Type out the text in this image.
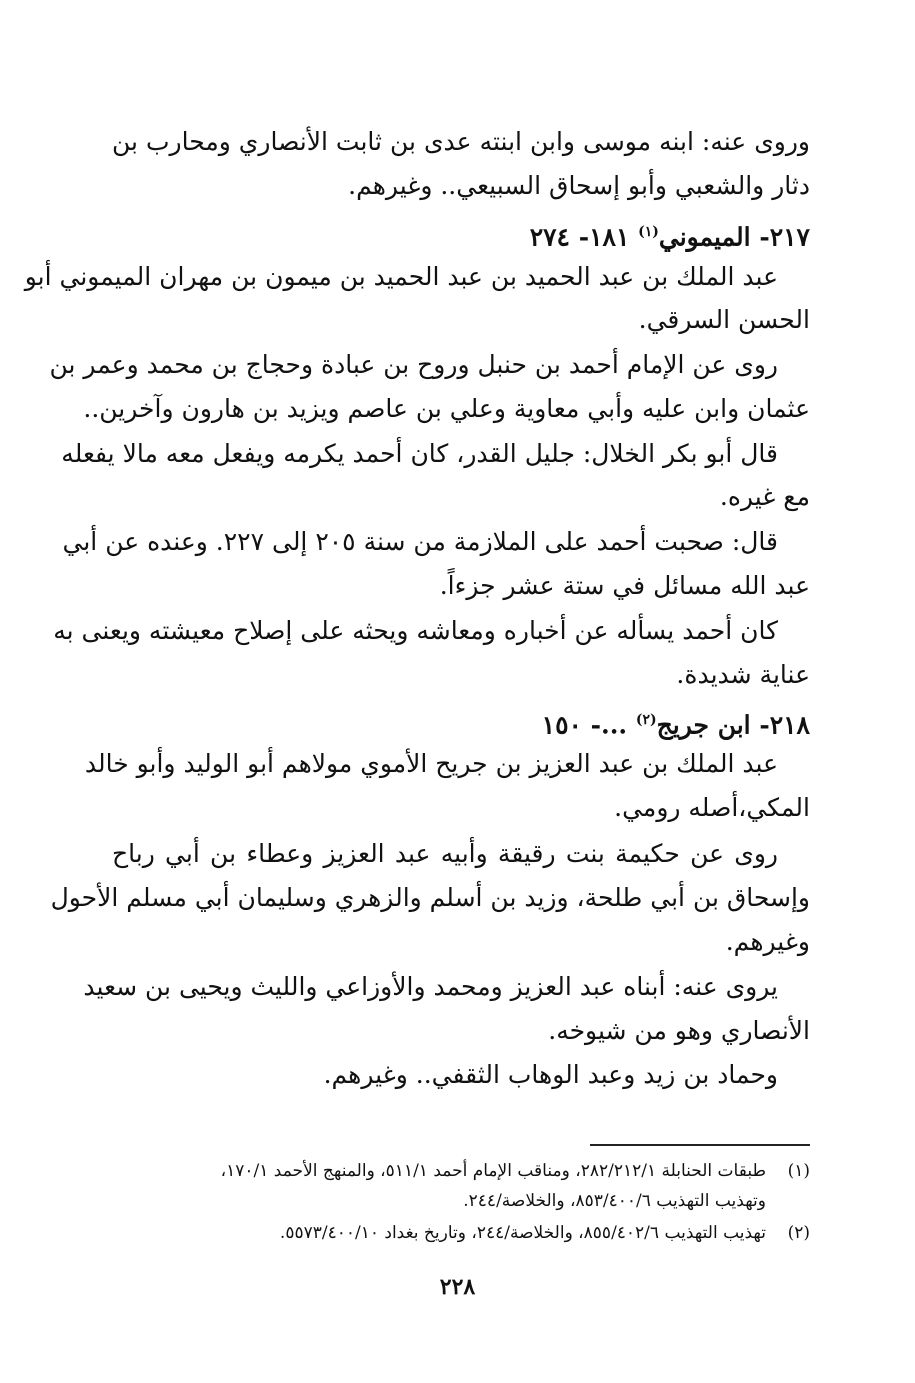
وروى عنه: ابنه موسى وابن ابنته عدى بن ثابت الأنصاري ومحارب بن
دثار والشعبي وأبو إسحاق السبيعي.. وغيرهم.
٢١٧- الميموني$^{(١)}$ ١٨١- ٢٧٤
عبد الملك بن عبد الحميد بن عبد الحميد بن ميمون بن مهران الميموني أبو
الحسن السرقي.
روى عن الإمام أحمد بن حنبل وروح بن عبادة وحجاج بن محمد وعمر بن
عثمان وابن عليه وأبي معاوية وعلي بن عاصم ويزيد بن هارون وآخرين..
قال أبو بكر الخلال: جليل القدر، كان أحمد يكرمه ويفعل معه مالا يفعله
مع غيره.
قال: صحبت أحمد على الملازمة من سنة ٢٠٥ إلى ٢٢٧. وعنده عن أبي
عبد الله مسائل في ستة عشر جزءاً.
كان أحمد يسأله عن أخباره ومعاشه ويحثه على إصلاح معيشته ويعنى به
عناية شديدة.
٢١٨- ابن جريج$^{(٢)}$ ...- ١٥٠
عبد الملك بن عبد العزيز بن جريح الأموي مولاهم أبو الوليد وأبو خالد
المكي،أصله رومي.
روى عن حكيمة بنت رقيقة وأبيه عبد العزيز وعطاء بن أبي رباح
وإسحاق بن أبي طلحة، وزيد بن أسلم والزهري وسليمان أبي مسلم الأحول
وغيرهم.
يروى عنه: أبناه عبد العزيز ومحمد والأوزاعي والليث ويحيى بن سعيد
الأنصاري وهو من شيوخه.
وحماد بن زيد وعبد الوهاب الثقفي.. وغيرهم.
(١)طبقات الحنابلة ٢٨٢/٢١٢/١، ومناقب الإمام أحمد ٥١١/١، والمنهج الأحمد ١٧٠/١،
وتهذيب التهذيب ٨٥٣/٤٠٠/٦، والخلاصة/٢٤٤.
(٢)تهذيب التهذيب ٨٥٥/٤٠٢/٦، والخلاصة/٢٤٤، وتاريخ بغداد ٥٥٧٣/٤٠٠/١٠.
٢٢٨
